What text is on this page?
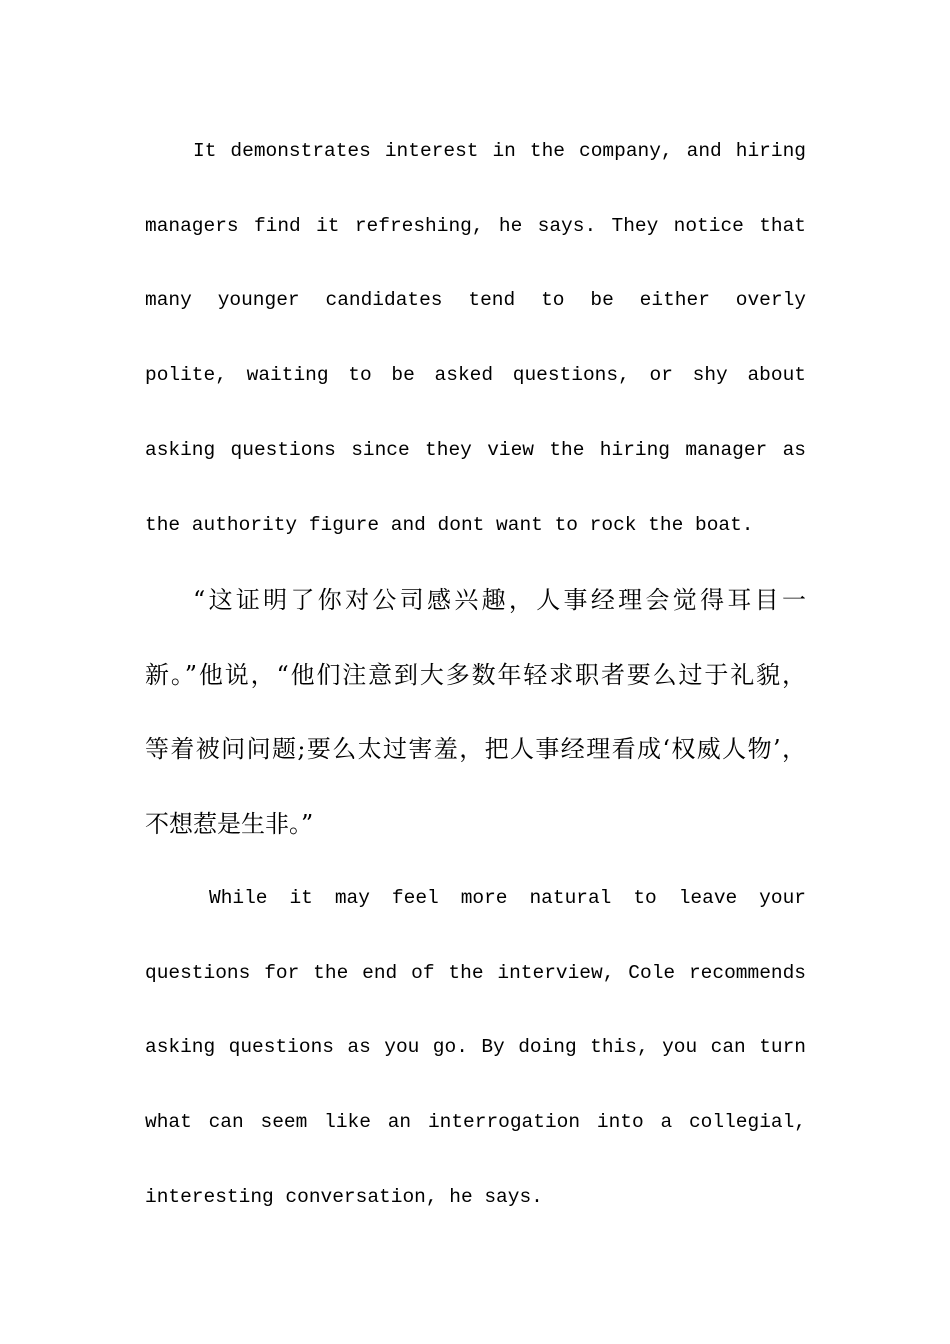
It demonstrates interest in the company, and hiring
managers find it refreshing, he says. They notice that
many younger candidates tend to be either overly
polite, waiting to be asked questions, or shy about
asking questions since they view the hiring manager as
the authority figure and dont want to rock the boat.
“这证明了你对公司感兴趣，人事经理会觉得耳目一
新。”他说，“他们注意到大多数年轻求职者要么过于礼貌，
等着被问问题;要么太过害羞，把人事经理看成‘权威人物’，
不想惹是生非。”
While it may feel more natural to leave your
questions for the end of the interview, Cole recommends
asking questions as you go. By doing this, you can turn
what can seem like an interrogation into a collegial,
interesting conversation, he says.
